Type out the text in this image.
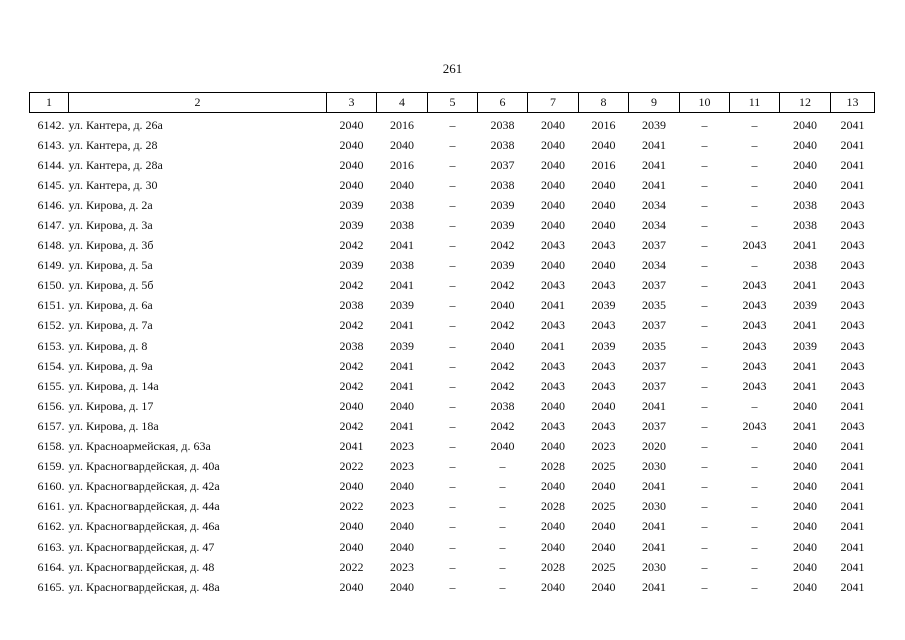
261
1	2	3	4	5	6	7	8	9	10	11	12	13
6142.	ул. Кантера, д. 26а	2040	2016	–	2038	2040	2016	2039	–	–	2040	2041
6143.	ул. Кантера, д. 28	2040	2040	–	2038	2040	2040	2041	–	–	2040	2041
6144.	ул. Кантера, д. 28а	2040	2016	–	2037	2040	2016	2041	–	–	2040	2041
6145.	ул. Кантера, д. 30	2040	2040	–	2038	2040	2040	2041	–	–	2040	2041
6146.	ул. Кирова, д. 2а	2039	2038	–	2039	2040	2040	2034	–	–	2038	2043
6147.	ул. Кирова, д. 3а	2039	2038	–	2039	2040	2040	2034	–	–	2038	2043
6148.	ул. Кирова, д. 3б	2042	2041	–	2042	2043	2043	2037	–	2043	2041	2043
6149.	ул. Кирова, д. 5а	2039	2038	–	2039	2040	2040	2034	–	–	2038	2043
6150.	ул. Кирова, д. 5б	2042	2041	–	2042	2043	2043	2037	–	2043	2041	2043
6151.	ул. Кирова, д. 6а	2038	2039	–	2040	2041	2039	2035	–	2043	2039	2043
6152.	ул. Кирова, д. 7а	2042	2041	–	2042	2043	2043	2037	–	2043	2041	2043
6153.	ул. Кирова, д. 8	2038	2039	–	2040	2041	2039	2035	–	2043	2039	2043
6154.	ул. Кирова, д. 9а	2042	2041	–	2042	2043	2043	2037	–	2043	2041	2043
6155.	ул. Кирова, д. 14а	2042	2041	–	2042	2043	2043	2037	–	2043	2041	2043
6156.	ул. Кирова, д. 17	2040	2040	–	2038	2040	2040	2041	–	–	2040	2041
6157.	ул. Кирова, д. 18а	2042	2041	–	2042	2043	2043	2037	–	2043	2041	2043
6158.	ул. Красноармейская, д. 63а	2041	2023	–	2040	2040	2023	2020	–	–	2040	2041
6159.	ул. Красногвардейская, д. 40а	2022	2023	–	–	2028	2025	2030	–	–	2040	2041
6160.	ул. Красногвардейская, д. 42а	2040	2040	–	–	2040	2040	2041	–	–	2040	2041
6161.	ул. Красногвардейская, д. 44а	2022	2023	–	–	2028	2025	2030	–	–	2040	2041
6162.	ул. Красногвардейская, д. 46а	2040	2040	–	–	2040	2040	2041	–	–	2040	2041
6163.	ул. Красногвардейская, д. 47	2040	2040	–	–	2040	2040	2041	–	–	2040	2041
6164.	ул. Красногвардейская, д. 48	2022	2023	–	–	2028	2025	2030	–	–	2040	2041
6165.	ул. Красногвардейская, д. 48а	2040	2040	–	–	2040	2040	2041	–	–	2040	2041
